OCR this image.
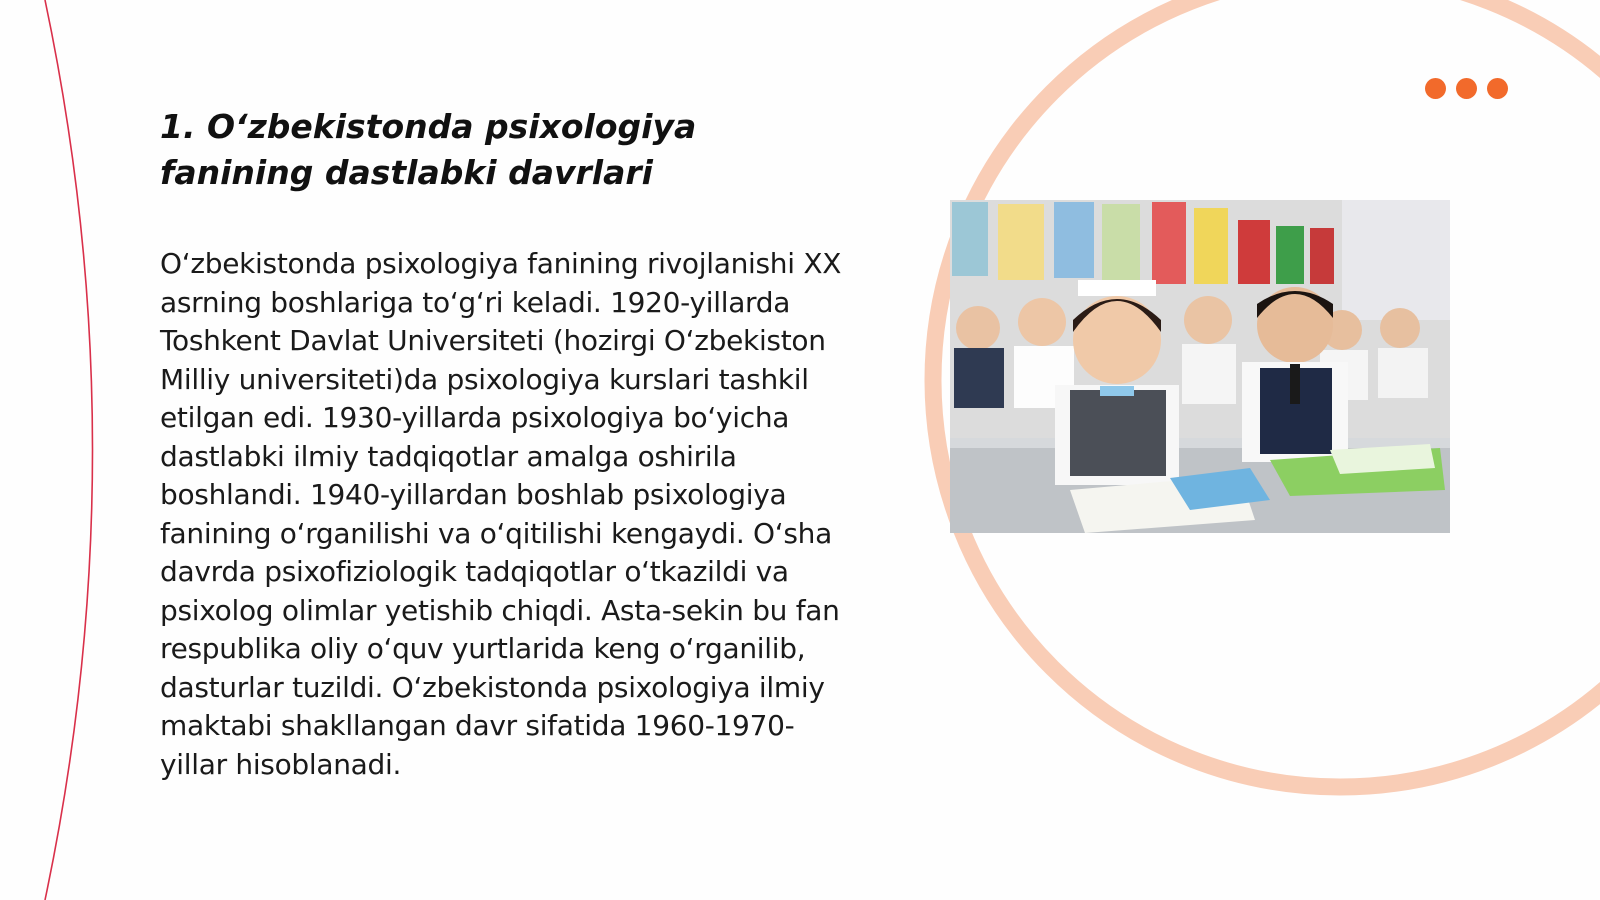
1. O‘zbekistonda psixologiya fanining dastlabki davrlari

O‘zbekistonda psixologiya fanining rivojlanishi XX asrning boshlariga to‘g‘ri keladi. 1920-yillarda Toshkent Davlat Universiteti (hozirgi O‘zbekiston Milliy universiteti)da psixologiya kurslari tashkil etilgan edi. 1930-yillarda psixologiya bo‘yicha dastlabki ilmiy tadqiqotlar amalga oshirila boshlandi. 1940-yillardan boshlab psixologiya fanining o‘rganilishi va o‘qitilishi kengaydi. O‘sha davrda psixofiziologik tadqiqotlar o‘tkazildi va psixolog olimlar yetishib chiqdi. Asta-sekin bu fan respublika oliy o‘quv yurtlarida keng o‘rganilib, dasturlar tuzildi. O‘zbekistonda psixologiya ilmiy maktabi shakllangan davr sifatida 1960-1970-yillar hisoblanadi.
